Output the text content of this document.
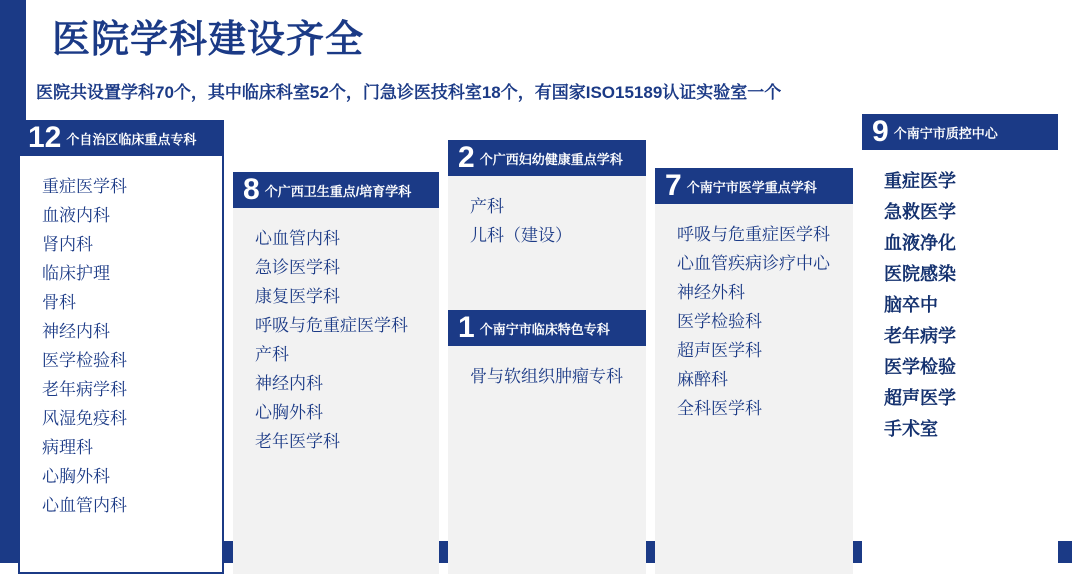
医院学科建设齐全
医院共设置学科70个，其中临床科室52个，门急诊医技科室18个，有国家ISO15189认证实验室一个
12 个自治区临床重点专科
重症医学科
血液内科
肾内科
临床护理
骨科
神经内科
医学检验科
老年病学科
风湿免疫科
病理科
心胸外科
心血管内科
8 个广西卫生重点/培育学科
心血管内科
急诊医学科
康复医学科
呼吸与危重症医学科
产科
神经内科
心胸外科
老年医学科
2 个广西妇幼健康重点学科
产科
儿科（建设）
1 个南宁市临床特色专科
骨与软组织肿瘤专科
7 个南宁市医学重点学科
呼吸与危重症医学科
心血管疾病诊疗中心
神经外科
医学检验科
超声医学科
麻醉科
全科医学科
9 个南宁市质控中心
重症医学
急救医学
血液净化
医院感染
脑卒中
老年病学
医学检验
超声医学
手术室
